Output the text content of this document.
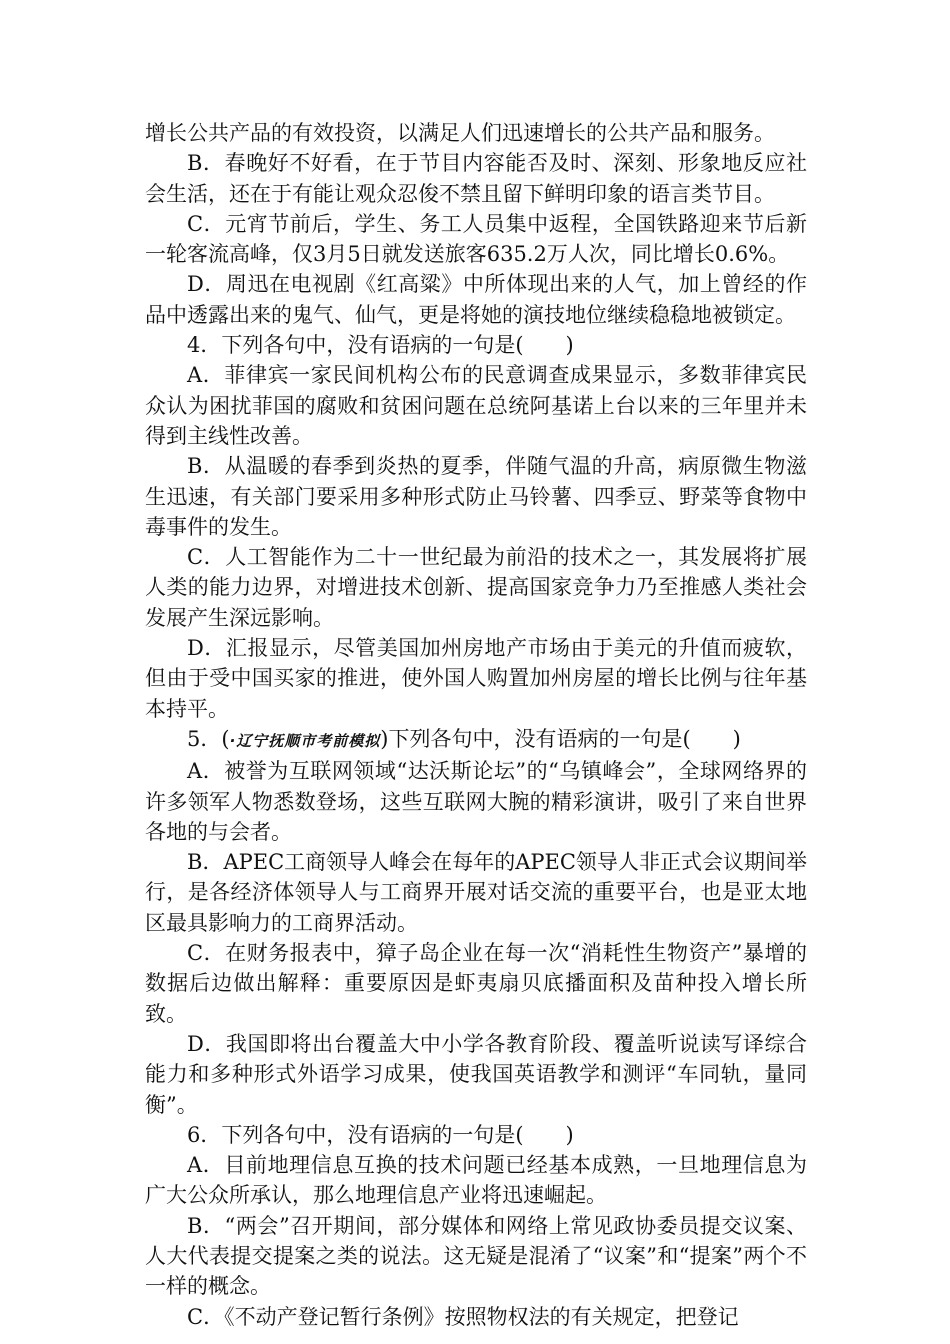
增长公共产品的有效投资，以满足人们迅速增长的公共产品和服务。

B．春晚好不好看，在于节目内容能否及时、深刻、形象地反应社会生活，还在于有能让观众忍俊不禁且留下鲜明印象的语言类节目。

C．元宵节前后，学生、务工人员集中返程，全国铁路迎来节后新一轮客流高峰，仅3月5日就发送旅客635.2万人次，同比增长0.6%。

D．周迅在电视剧《红高粱》中所体现出来的人气，加上曾经的作品中透露出来的鬼气、仙气，更是将她的演技地位继续稳稳地被锁定。

4．下列各句中，没有语病的一句是(　　)

A．菲律宾一家民间机构公布的民意调查成果显示，多数菲律宾民众认为困扰菲国的腐败和贫困问题在总统阿基诺上台以来的三年里并未得到主线性改善。

B．从温暖的春季到炎热的夏季，伴随气温的升高，病原微生物滋生迅速，有关部门要采用多种形式防止马铃薯、四季豆、野菜等食物中毒事件的发生。

C．人工智能作为二十一世纪最为前沿的技术之一，其发展将扩展人类的能力边界，对增进技术创新、提高国家竞争力乃至推感人类社会发展产生深远影响。

D．汇报显示，尽管美国加州房地产市场由于美元的升值而疲软，但由于受中国买家的推进，使外国人购置加州房屋的增长比例与往年基本持平。

5．(·辽宁抚顺市考前模拟)下列各句中，没有语病的一句是(　　)

A．被誉为互联网领域“达沃斯论坛”的“乌镇峰会”，全球网络界的许多领军人物悉数登场，这些互联网大腕的精彩演讲，吸引了来自世界各地的与会者。

B．APEC工商领导人峰会在每年的APEC领导人非正式会议期间举行，是各经济体领导人与工商界开展对话交流的重要平台，也是亚太地区最具影响力的工商界活动。

C．在财务报表中，獐子岛企业在每一次“消耗性生物资产”暴增的数据后边做出解释：重要原因是虾夷扇贝底播面积及苗种投入增长所致。

D．我国即将出台覆盖大中小学各教育阶段、覆盖听说读写译综合能力和多种形式外语学习成果，使我国英语教学和测评“车同轨，量同衡”。

6．下列各句中，没有语病的一句是(　　)

A．目前地理信息互换的技术问题已经基本成熟，一旦地理信息为广大公众所承认，那么地理信息产业将迅速崛起。

B．“两会”召开期间，部分媒体和网络上常见政协委员提交议案、人大代表提交提案之类的说法。这无疑是混淆了“议案”和“提案”两个不一样的概念。

C．《不动产登记暂行条例》按照物权法的有关规定，把登记
